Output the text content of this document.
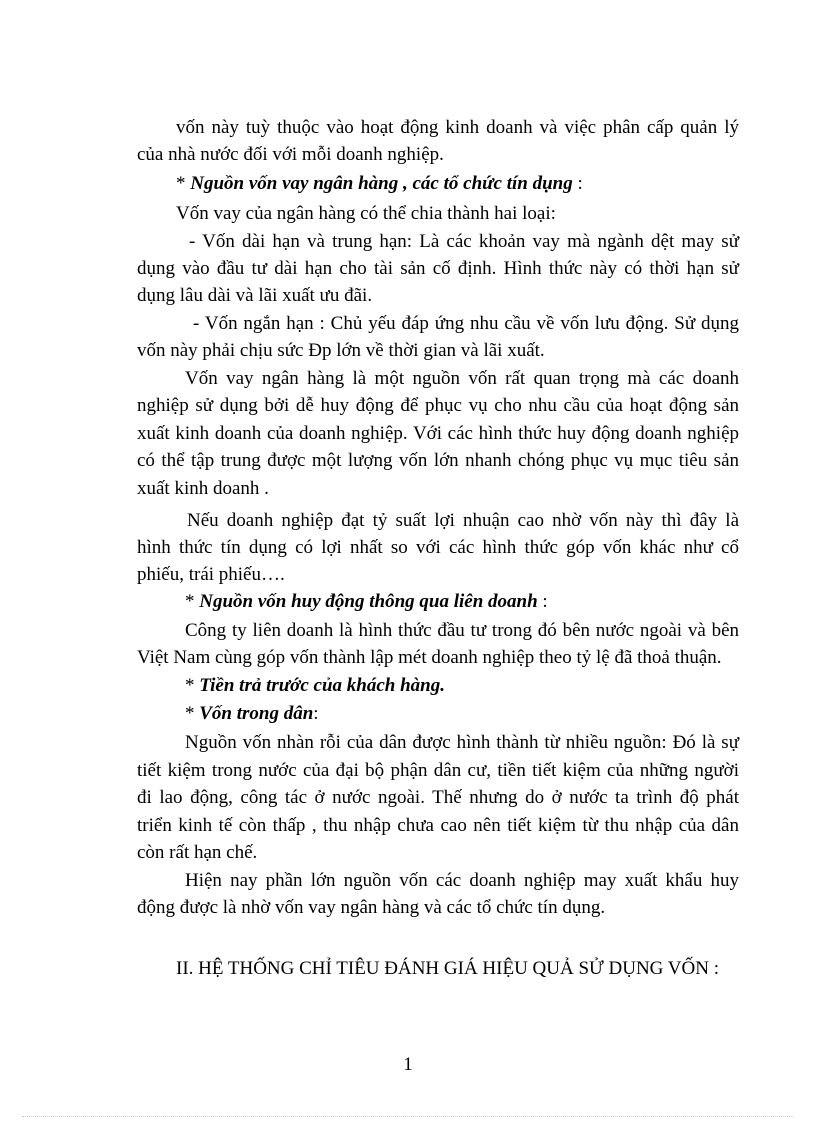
vốn này tuỳ thuộc vào hoạt động kinh doanh và việc phân cấp quản lý

của nhà nước đối với mỗi doanh nghiệp.

* Nguồn vốn vay ngân hàng , các tổ chức tín dụng :

Vốn vay của ngân hàng có thể chia thành hai loại:

- Vốn dài hạn và trung hạn: Là các khoản vay mà ngành dệt may sử

dụng vào đầu tư dài hạn cho tài sản cố định. Hình thức này có thời hạn sử

dụng lâu dài và lãi xuất ưu đãi.

- Vốn ngắn hạn : Chủ yếu đáp ứng nhu cầu về vốn lưu động. Sử dụng

vốn này phải chịu sức Ðp lớn về thời gian và lãi xuất.

Vốn vay ngân hàng là một nguồn vốn rất quan trọng mà các doanh

nghiệp sử dụng bởi dễ huy động để phục vụ cho nhu cầu của hoạt động sản

xuất kinh doanh của doanh nghiệp. Với các hình thức huy động doanh nghiệp

có thể tập trung được một lượng vốn lớn nhanh chóng phục vụ mục tiêu sản

xuất kinh doanh .

Nếu doanh nghiệp đạt tỷ suất lợi nhuận cao nhờ vốn này thì đây là

hình thức tín dụng có lợi nhất so với các hình thức góp vốn khác như cổ

phiếu, trái phiếu….

* Nguồn vốn huy động thông qua liên doanh :

Công ty liên doanh là hình thức đầu tư trong đó bên nước ngoài và bên

Việt Nam cùng góp vốn thành lập mét doanh nghiệp theo tỷ lệ đã thoả thuận.

* Tiền trả trước của khách hàng.

* Vốn trong dân:

Nguồn vốn nhàn rỗi của dân được hình thành từ nhiều nguồn: Đó là sự

tiết kiệm trong nước của đại bộ phận dân cư, tiền tiết kiệm của những người

đi lao động, công tác ở nước ngoài. Thế nhưng do ở nước ta trình độ phát

triển kinh tế còn thấp , thu nhập chưa cao nên tiết kiệm từ thu nhập của dân

còn rất hạn chế.

Hiện nay phần lớn nguồn vốn các doanh nghiệp may xuất khẩu huy

động được là nhờ vốn vay ngân hàng và các tổ chức tín dụng.

II. HỆ THỐNG CHỈ TIÊU ĐÁNH GIÁ HIỆU QUẢ SỬ DỤNG VỐN :

1
